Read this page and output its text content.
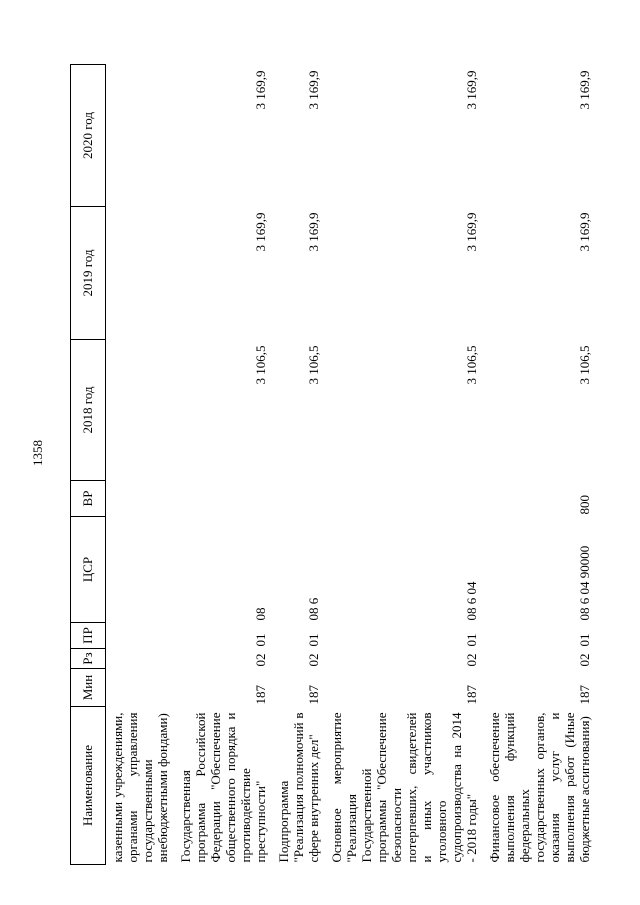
1358
Наименование	Мин	Рз	ПР	ЦСР	ВР	2018 год	2019 год	2020 год
казенными учреждениями, органами управления государственными внебюджетными фондами)								
Государственная программа Российской Федерации "Обеспечение общественного порядка и противодействие преступности"	187	02	01	08		3 106,5	3 169,9	3 169,9
Подпрограмма "Реализация полномочий в сфере внутренних дел"	187	02	01	08 6		3 106,5	3 169,9	3 169,9
Основное мероприятие "Реализация Государственной программы "Обеспечение безопасности потерпевших, свидетелей и иных участников уголовного судопроизводства на 2014 - 2018 годы"	187	02	01	08 6 04		3 106,5	3 169,9	3 169,9
Финансовое обеспечение выполнения функций федеральных государственных органов, оказания услуг и выполнения работ (Иные бюджетные ассигнования)	187	02	01	08 6 04 90000	800	3 106,5	3 169,9	3 169,9
